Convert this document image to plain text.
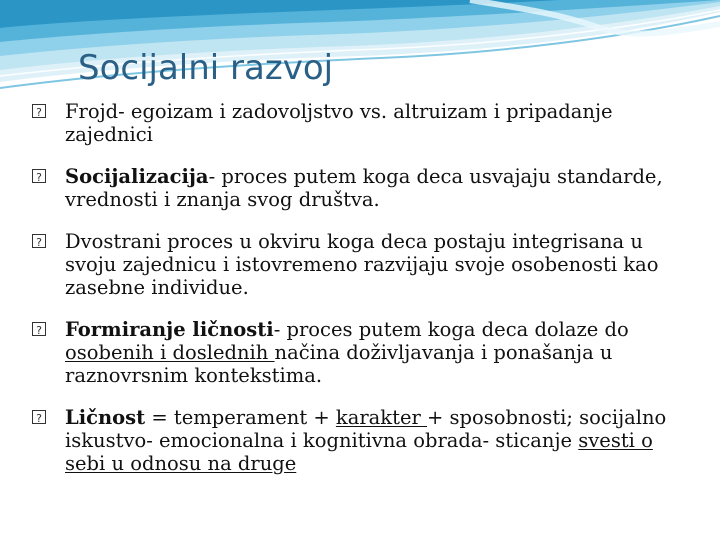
Socijalni razvoj
?
Frojd- egoizam i zadovoljstvo vs. altruizam i pripadanje zajednici
?
Socijalizacija- proces putem koga deca usvajaju standarde, vrednosti i znanja svog društva.
?
Dvostrani proces u okviru koga deca postaju integrisana u svoju zajednicu i istovremeno razvijaju svoje osobenosti kao zasebne individue.
?
Formiranje ličnosti- proces putem koga deca dolaze do osobenih i doslednih načina doživljavanja i ponašanja u raznovrsnim kontekstima.
?
Ličnost = temperament + karakter + sposobnosti; socijalno iskustvo- emocionalna i kognitivna obrada- sticanje svesti o sebi u odnosu na druge
